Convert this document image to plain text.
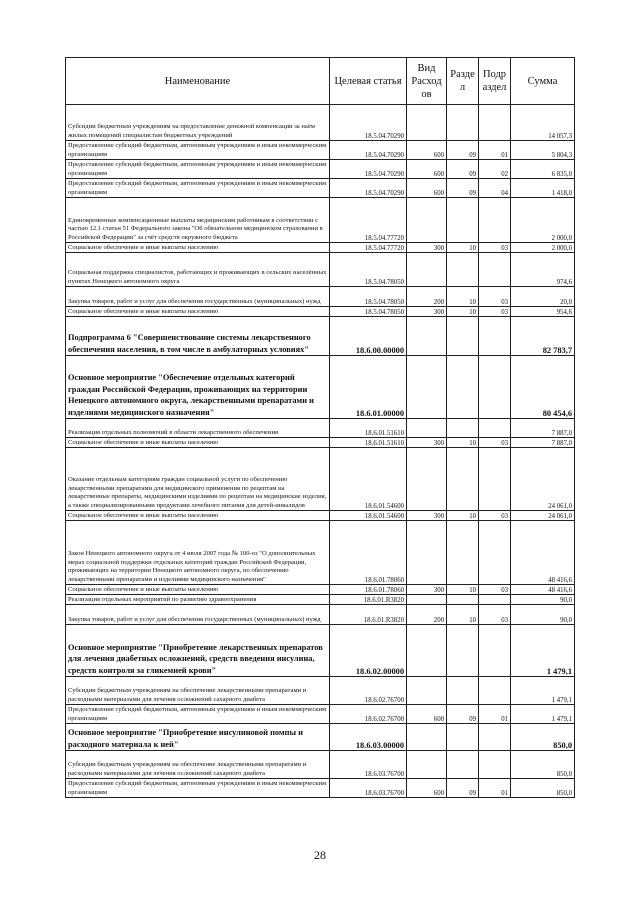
Наименование	Целевая статья	Вид Расход ов	Разде л	Подр аздел	Сумма
Субсидии бюджетным учреждениям на предоставление денежной компенсации за наём жилых помещений специалистам бюджетных учреждений	18.5.04.70290				14 057,3
Предоставление субсидий бюджетным, автономным учреждениям и иным некоммерческим организациям	18.5.04.70290	600	09	01	5 804,3
Предоставление субсидий бюджетным, автономным учреждениям и иным некоммерческим организациям	18.5.04.70290	600	09	02	6 835,0
Предоставление субсидий бюджетным, автономным учреждениям и иным некоммерческим организациям	18.5.04.70290	600	09	04	1 418,0
Единовременные компенсационные выплаты медицинским работникам в соответствии с частью 12.1 статьи 51 Федерального закона "Об обязательном медицинском страховании в Российской Федерации" за счёт средств окружного бюджета	18.5.04.77720				2 000,0
Социальное обеспечение и иные выплаты населению	18.5.04.77720	300	10	03	2 000,0
Социальная поддержка специалистов, работающих и проживающих в сельских населённых пунктах Ненецкого автономного округа	18.5.04.78050				974,6
Закупка товаров, работ и услуг для обеспечения государственных (муниципальных) нужд	18.5.04.78050	200	10	03	20,0
Социальное обеспечение и иные выплаты населению	18.5.04.78050	300	10	03	954,6
Подпрограмма 6 "Совершенствование системы лекарственного обеспечения населения, в том числе в амбулаторных условиях"	18.6.00.00000				82 783,7
Основное мероприятие "Обеспечение отдельных категорий граждан Российской Федерации, проживающих на территории Ненецкого автономного округа, лекарственными препаратами и изделиями медицинского назначения"	18.6.01.00000				80 454,6
Реализация отдельных полномочий в области лекарственного обеспечения	18.6.01.51610				7 887,0
Социальное обеспечение и иные выплаты населению	18.6.01.51610	300	10	03	7 887,0
Оказание отдельным категориям граждан социальной услуги по обеспечению лекарственными препаратами для медицинского применения по рецептам на лекарственные препараты, медицинскими изделиями по рецептам на медицинские изделия, а также специализированными продуктами лечебного питания для детей-инвалидов	18.6.01.54600				24 061,0
Социальное обеспечение и иные выплаты населению	18.6.01.54600	300	10	03	24 061,0
Закон Ненецкого автономного округа от 4 июля 2007 года № 100-оз "О дополнительных мерах социальной поддержки отдельных категорий граждан Российской Федерации, проживающих на территории Ненецкого автономного округа, по обеспечению лекарственными препаратами и изделиями медицинского назначения"	18.6.01.78060				48 416,6
Социальное обеспечение и иные выплаты населению	18.6.01.78060	300	10	03	48 416,6
Реализация отдельных мероприятий по развитию здравоохранения	18.6.01.R3820				90,0
Закупка товаров, работ и услуг для обеспечения государственных (муниципальных) нужд	18.6.01.R3820	200	10	03	90,0
Основное мероприятие "Приобретение лекарственных препаратов для лечения диабетных осложнений, средств введения инсулина, средств контроля за гликемией крови"	18.6.02.00000				1 479,1
Субсидии бюджетным учреждениям на обеспечение лекарственными препаратами и расходными материалами для лечения осложнений сахарного диабета	18.6.02.76700				1 479,1
Предоставление субсидий бюджетным, автономным учреждениям и иным некоммерческим организациям	18.6.02.76700	600	09	01	1 479,1
Основное мероприятие "Приобретение инсулиновой помпы и расходного материала к ней"	18.6.03.00000				850,0
Субсидии бюджетным учреждениям на обеспечение лекарственными препаратами и расходными материалами для лечения осложнений сахарного диабета	18.6.03.76700				850,0
Предоставление субсидий бюджетным, автономным учреждениям и иным некоммерческим организациям	18.6.03.76700	600	09	01	850,0
28
